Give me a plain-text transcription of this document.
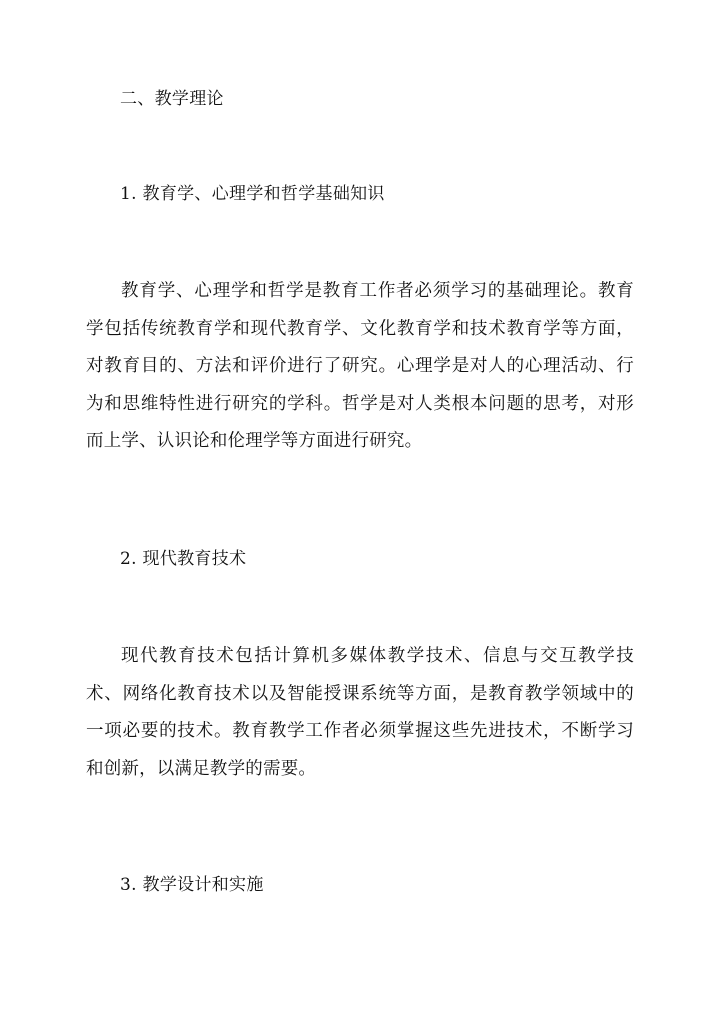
二、教学理论
1. 教育学、心理学和哲学基础知识

教育学、心理学和哲学是教育工作者必须学习的基础理论。教育学包括传统教育学和现代教育学、文化教育学和技术教育学等方面，对教育目的、方法和评价进行了研究。心理学是对人的心理活动、行为和思维特性进行研究的学科。哲学是对人类根本问题的思考，对形而上学、认识论和伦理学等方面进行研究。

2. 现代教育技术

现代教育技术包括计算机多媒体教学技术、信息与交互教学技术、网络化教育技术以及智能授课系统等方面，是教育教学领域中的一项必要的技术。教育教学工作者必须掌握这些先进技术，不断学习和创新，以满足教学的需要。

3. 教学设计和实施
